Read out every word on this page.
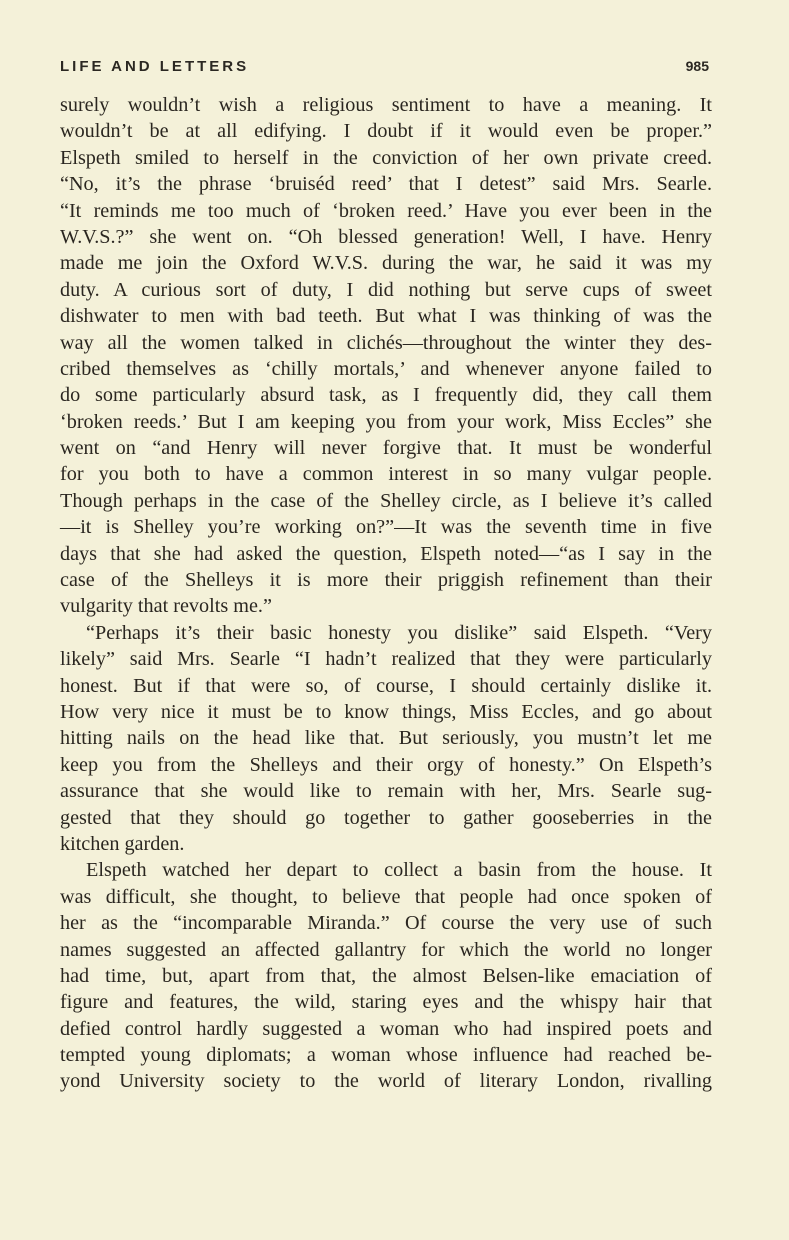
LIFE AND LETTERS	985
surely wouldn’t wish a religious sentiment to have a meaning. It
wouldn’t be at all edifying. I doubt if it would even be proper.”
Elspeth smiled to herself in the conviction of her own private creed.
“No, it’s the phrase ‘bruiséd reed’ that I detest” said Mrs. Searle.
“It reminds me too much of ‘broken reed.’ Have you ever been in the
W.V.S.?” she went on. “Oh blessed generation! Well, I have. Henry
made me join the Oxford W.V.S. during the war, he said it was my
duty. A curious sort of duty, I did nothing but serve cups of sweet
dishwater to men with bad teeth. But what I was thinking of was the
way all the women talked in clichés—throughout the winter they des-
cribed themselves as ‘chilly mortals,’ and whenever anyone failed to
do some particularly absurd task, as I frequently did, they call them
‘broken reeds.’ But I am keeping you from your work, Miss Eccles” she
went on “and Henry will never forgive that. It must be wonderful
for you both to have a common interest in so many vulgar people.
Though perhaps in the case of the Shelley circle, as I believe it’s called
—it is Shelley you’re working on?”—It was the seventh time in five
days that she had asked the question, Elspeth noted—“as I say in the
case of the Shelleys it is more their priggish refinement than their
vulgarity that revolts me.”
“Perhaps it’s their basic honesty you dislike” said Elspeth. “Very
likely” said Mrs. Searle “I hadn’t realized that they were particularly
honest. But if that were so, of course, I should certainly dislike it.
How very nice it must be to know things, Miss Eccles, and go about
hitting nails on the head like that. But seriously, you mustn’t let me
keep you from the Shelleys and their orgy of honesty.” On Elspeth’s
assurance that she would like to remain with her, Mrs. Searle sug-
gested that they should go together to gather gooseberries in the
kitchen garden.
Elspeth watched her depart to collect a basin from the house. It
was difficult, she thought, to believe that people had once spoken of
her as the “incomparable Miranda.” Of course the very use of such
names suggested an affected gallantry for which the world no longer
had time, but, apart from that, the almost Belsen-like emaciation of
figure and features, the wild, staring eyes and the whispy hair that
defied control hardly suggested a woman who had inspired poets and
tempted young diplomats; a woman whose influence had reached be-
yond University society to the world of literary London, rivalling
